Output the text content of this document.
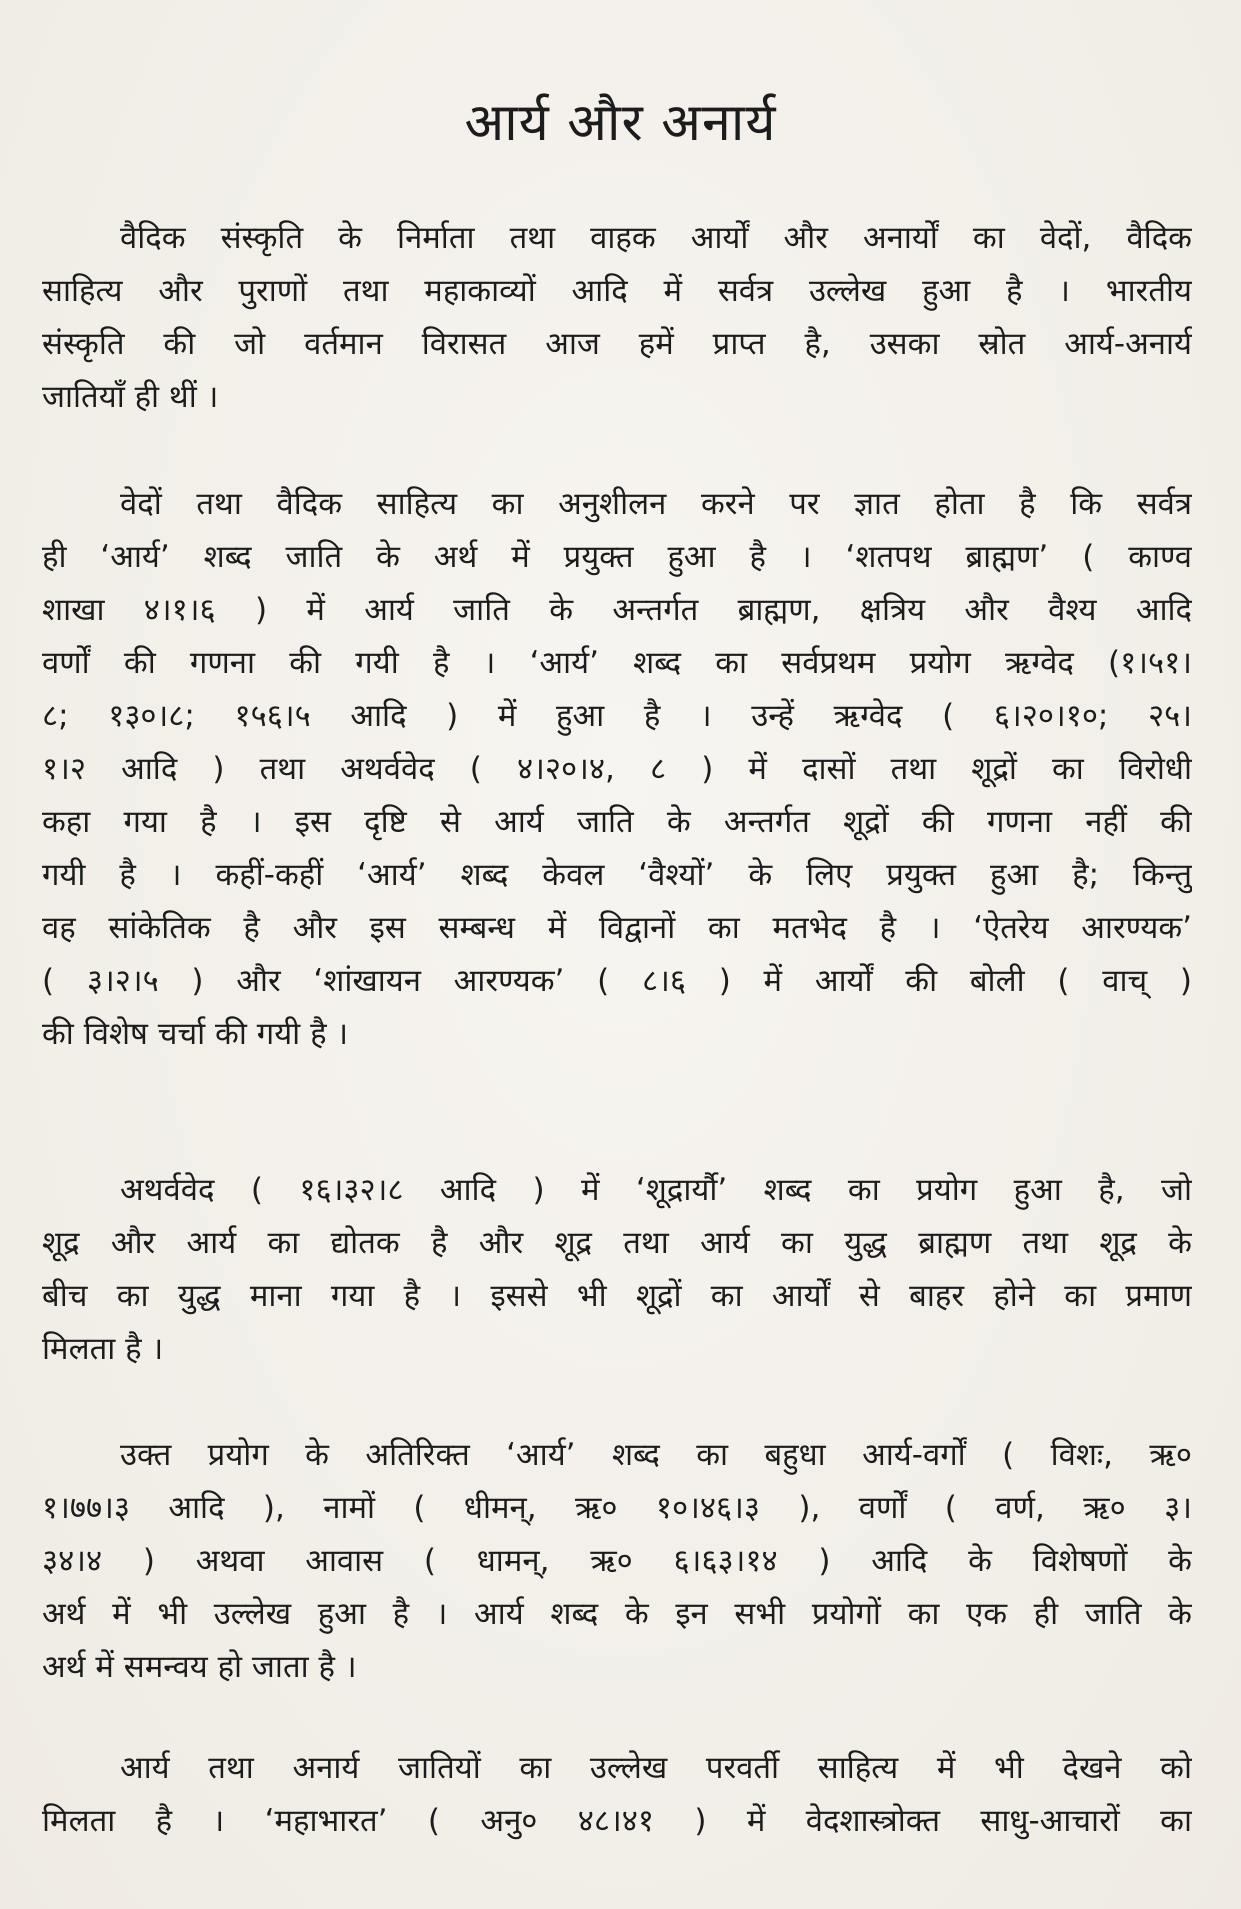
आर्य और अनार्य
वैदिक संस्कृति के निर्माता तथा वाहक आर्यों और अनार्यों का वेदों, वैदिक
साहित्य और पुराणों तथा महाकाव्यों आदि में सर्वत्र उल्लेख हुआ है । भारतीय
संस्कृति की जो वर्तमान विरासत आज हमें प्राप्त है, उसका स्रोत आर्य-अनार्य
जातियाँ ही थीं ।
वेदों तथा वैदिक साहित्य का अनुशीलन करने पर ज्ञात होता है कि सर्वत्र
ही ‘आर्य’ शब्द जाति के अर्थ में प्रयुक्त हुआ है । ‘शतपथ ब्राह्मण’ ( काण्व
शाखा ४।१।६ ) में आर्य जाति के अन्तर्गत ब्राह्मण, क्षत्रिय और वैश्य आदि
वर्णों की गणना की गयी है । ‘आर्य’ शब्द का सर्वप्रथम प्रयोग ऋग्वेद (१।५१।
८; १३०।८; १५६।५ आदि ) में हुआ है । उन्हें ऋग्वेद ( ६।२०।१०; २५।
१।२ आदि ) तथा अथर्ववेद ( ४।२०।४, ८ ) में दासों तथा शूद्रों का विरोधी
कहा गया है । इस दृष्टि से आर्य जाति के अन्तर्गत शूद्रों की गणना नहीं की
गयी है । कहीं-कहीं ‘आर्य’ शब्द केवल ‘वैश्यों’ के लिए प्रयुक्त हुआ है; किन्तु
वह सांकेतिक है और इस सम्बन्ध में विद्वानों का मतभेद है । ‘ऐतरेय आरण्यक’
( ३।२।५ ) और ‘शांखायन आरण्यक’ ( ८।६ ) में आर्यों की बोली ( वाच् )
की विशेष चर्चा की गयी है ।
अथर्ववेद ( १६।३२।८ आदि ) में ‘शूद्रार्यौ’ शब्द का प्रयोग हुआ है, जो
शूद्र और आर्य का द्योतक है और शूद्र तथा आर्य का युद्ध ब्राह्मण तथा शूद्र के
बीच का युद्ध माना गया है । इससे भी शूद्रों का आर्यों से बाहर होने का प्रमाण
मिलता है ।
उक्त प्रयोग के अतिरिक्त ‘आर्य’ शब्द का बहुधा आर्य-वर्गों ( विशः, ऋ०
१।७७।३ आदि ), नामों ( धीमन्, ऋ० १०।४६।३ ), वर्णों ( वर्ण, ऋ० ३।
३४।४ ) अथवा आवास ( धामन्, ऋ० ६।६३।१४ ) आदि के विशेषणों के
अर्थ में भी उल्लेख हुआ है । आर्य शब्द के इन सभी प्रयोगों का एक ही जाति के
अर्थ में समन्वय हो जाता है ।
आर्य तथा अनार्य जातियों का उल्लेख परवर्ती साहित्य में भी देखने को
मिलता है । ‘महाभारत’ ( अनु० ४८।४१ ) में वेदशास्त्रोक्त साधु-आचारों का
